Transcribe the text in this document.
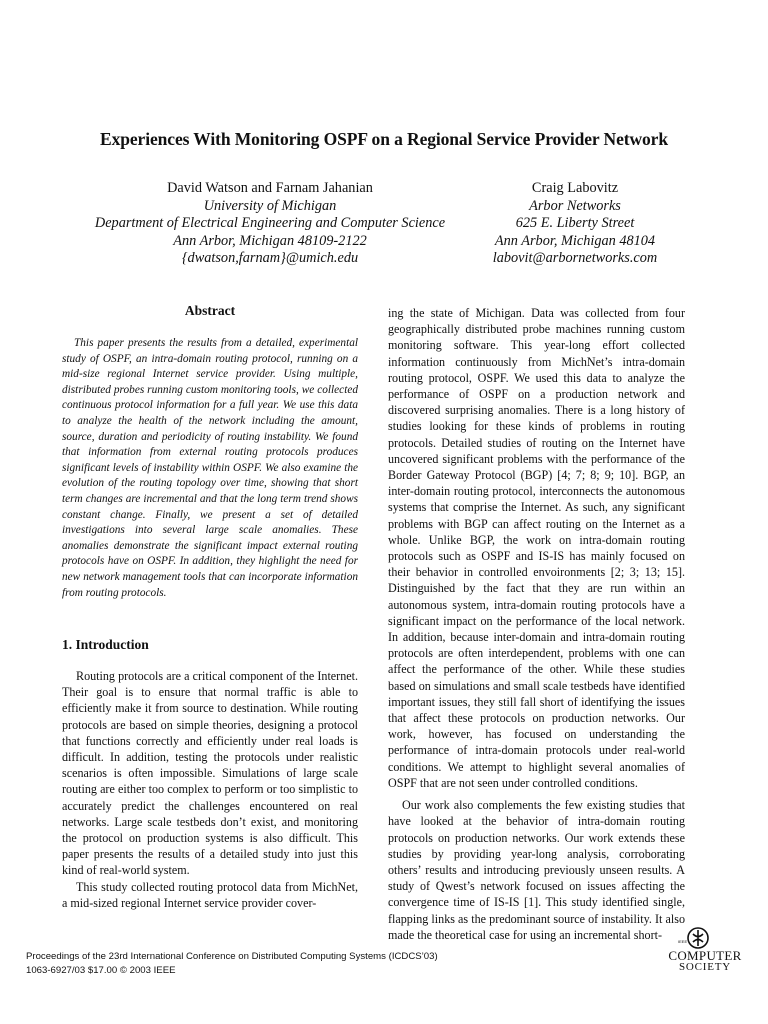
Experiences With Monitoring OSPF on a Regional Service Provider Network
David Watson and Farnam Jahanian
University of Michigan
Department of Electrical Engineering and Computer Science
Ann Arbor, Michigan 48109-2122
{dwatson,farnam}@umich.edu
Craig Labovitz
Arbor Networks
625 E. Liberty Street
Ann Arbor, Michigan 48104
labovit@arbornetworks.com
Abstract

This paper presents the results from a detailed, experimental study of OSPF, an intra-domain routing protocol, running on a mid-size regional Internet service provider. Using multiple, distributed probes running custom monitoring tools, we collected continuous protocol information for a full year. We use this data to analyze the health of the network including the amount, source, duration and periodicity of routing instability. We found that information from external routing protocols produces significant levels of instability within OSPF. We also examine the evolution of the routing topology over time, showing that short term changes are incremental and that the long term trend shows constant change. Finally, we present a set of detailed investigations into several large scale anomalies. These anomalies demonstrate the significant impact external routing protocols have on OSPF. In addition, they highlight the need for new network management tools that can incorporate information from routing protocols.

1. Introduction

Routing protocols are a critical component of the Internet. Their goal is to ensure that normal traffic is able to efficiently make it from source to destination. While routing protocols are based on simple theories, designing a protocol that functions correctly and efficiently under real loads is difficult. In addition, testing the protocols under realistic scenarios is often impossible. Simulations of large scale routing are either too complex to perform or too simplistic to accurately predict the challenges encountered on real networks. Large scale testbeds don’t exist, and monitoring the protocol on production systems is also difficult. This paper presents the results of a detailed study into just this kind of real-world system.

This study collected routing protocol data from MichNet, a mid-sized regional Internet service provider cover-

ing the state of Michigan. Data was collected from four geographically distributed probe machines running custom monitoring software. This year-long effort collected information continuously from MichNet’s intra-domain routing protocol, OSPF. We used this data to analyze the performance of OSPF on a production network and discovered surprising anomalies. There is a long history of studies looking for these kinds of problems in routing protocols. Detailed studies of routing on the Internet have uncovered significant problems with the performance of the Border Gateway Protocol (BGP) [4; 7; 8; 9; 10]. BGP, an inter-domain routing protocol, interconnects the autonomous systems that comprise the Internet. As such, any significant problems with BGP can affect routing on the Internet as a whole. Unlike BGP, the work on intra-domain routing protocols such as OSPF and IS-IS has mainly focused on their behavior in controlled envoironments [2; 3; 13; 15]. Distinguished by the fact that they are run within an autonomous system, intra-domain routing protocols have a significant impact on the performance of the local network. In addition, because inter-domain and intra-domain routing protocols are often interdependent, problems with one can affect the performance of the other. While these studies based on simulations and small scale testbeds have identified important issues, they still fall short of identifying the issues that affect these protocols on production networks. Our work, however, has focused on understanding the performance of intra-domain protocols under real-world conditions. We attempt to highlight several anomalies of OSPF that are not seen under controlled conditions.

Our work also complements the few existing studies that have looked at the behavior of intra-domain routing protocols on production networks. Our work extends these studies by providing year-long analysis, corroborating others’ results and introducing previously unseen results. A study of Qwest’s network focused on issues affecting the convergence time of IS-IS [1]. This study identified single, flapping links as the predominant source of instability. It also made the theoretical case for using an incremental short-

Proceedings of the 23rd International Conference on Distributed Computing Systems (ICDCS’03)
1063-6927/03 $17.00 © 2003 IEEE
IEEE
COMPUTER
SOCIETY
